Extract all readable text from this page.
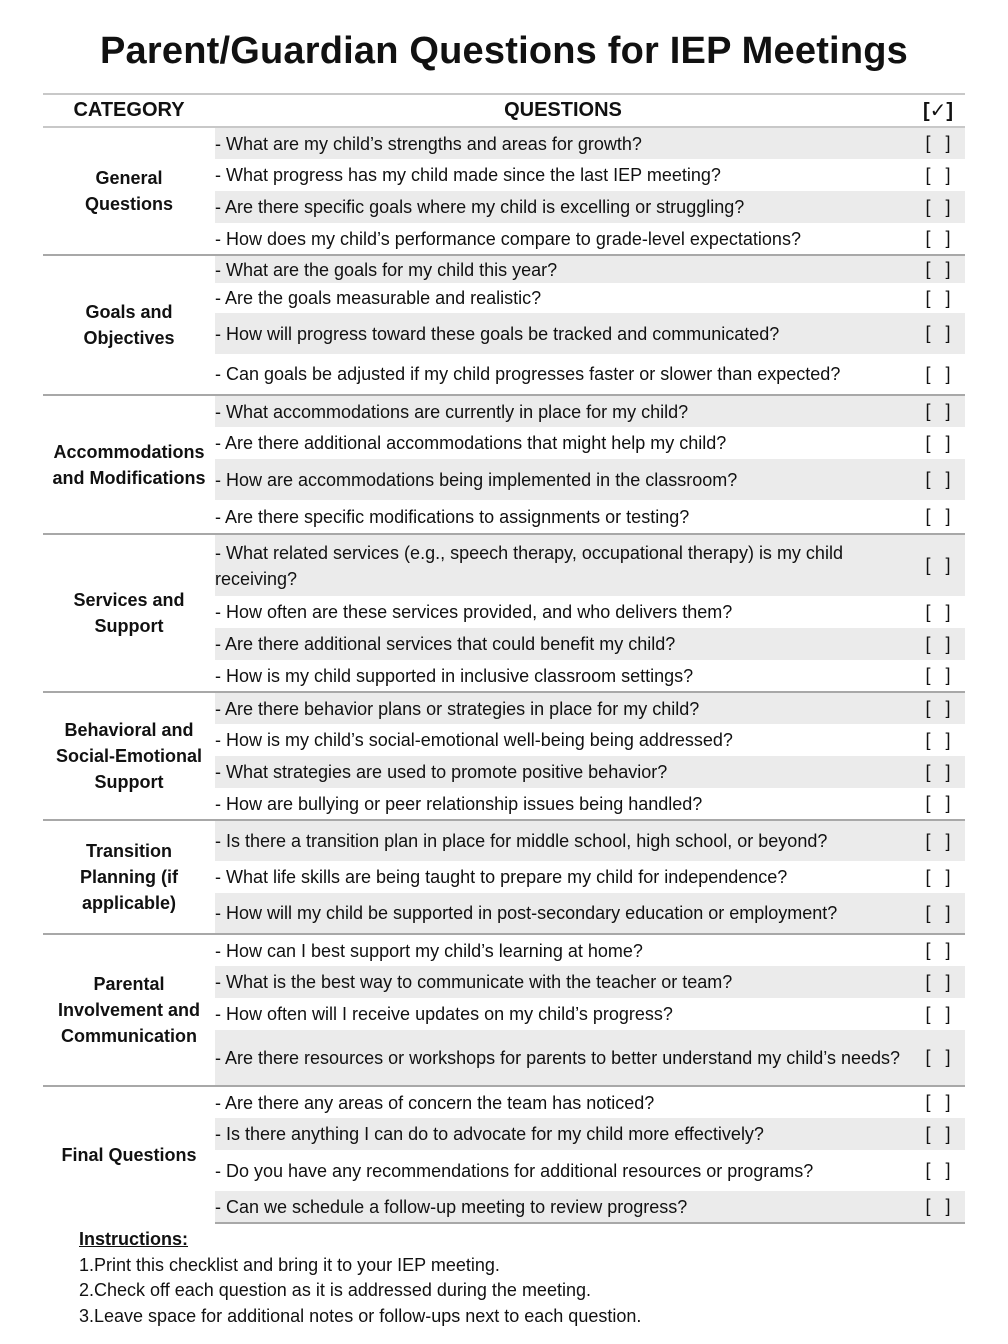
Parent/Guardian Questions for IEP Meetings
CATEGORY	QUESTIONS	[✓]

General Questions	- What are my child’s strengths and areas for growth?	[   ]
	- What progress has my child made since the last IEP meeting?	[   ]
	- Are there specific goals where my child is excelling or struggling?	[   ]
	- How does my child’s performance compare to grade-level expectations?	[   ]

Goals and Objectives	- What are the goals for my child this year?	[   ]
	- Are the goals measurable and realistic?	[   ]
	- How will progress toward these goals be tracked and communicated?	[   ]
	- Can goals be adjusted if my child progresses faster or slower than expected?	[   ]

Accommodations and Modifications	- What accommodations are currently in place for my child?	[   ]
	- Are there additional accommodations that might help my child?	[   ]
	- How are accommodations being implemented in the classroom?	[   ]
	- Are there specific modifications to assignments or testing?	[   ]

Services and Support	- What related services (e.g., speech therapy, occupational therapy) is my child receiving?	[   ]
	- How often are these services provided, and who delivers them?	[   ]
	- Are there additional services that could benefit my child?	[   ]
	- How is my child supported in inclusive classroom settings?	[   ]

Behavioral and Social-Emotional Support	- Are there behavior plans or strategies in place for my child?	[   ]
	- How is my child’s social-emotional well-being being addressed?	[   ]
	- What strategies are used to promote positive behavior?	[   ]
	- How are bullying or peer relationship issues being handled?	[   ]

Transition Planning (if applicable)	- Is there a transition plan in place for middle school, high school, or beyond?	[   ]
	- What life skills are being taught to prepare my child for independence?	[   ]
	- How will my child be supported in post-secondary education or employment?	[   ]

Parental Involvement and Communication	- How can I best support my child’s learning at home?	[   ]
	- What is the best way to communicate with the teacher or team?	[   ]
	- How often will I receive updates on my child’s progress?	[   ]
	- Are there resources or workshops for parents to better understand my child’s needs?	[   ]

Final Questions	- Are there any areas of concern the team has noticed?	[   ]
	- Is there anything I can do to advocate for my child more effectively?	[   ]
	- Do you have any recommendations for additional resources or programs?	[   ]
	- Can we schedule a follow-up meeting to review progress?	[   ]
Instructions:
1.Print this checklist and bring it to your IEP meeting.
2.Check off each question as it is addressed during the meeting.
3.Leave space for additional notes or follow-ups next to each question.
